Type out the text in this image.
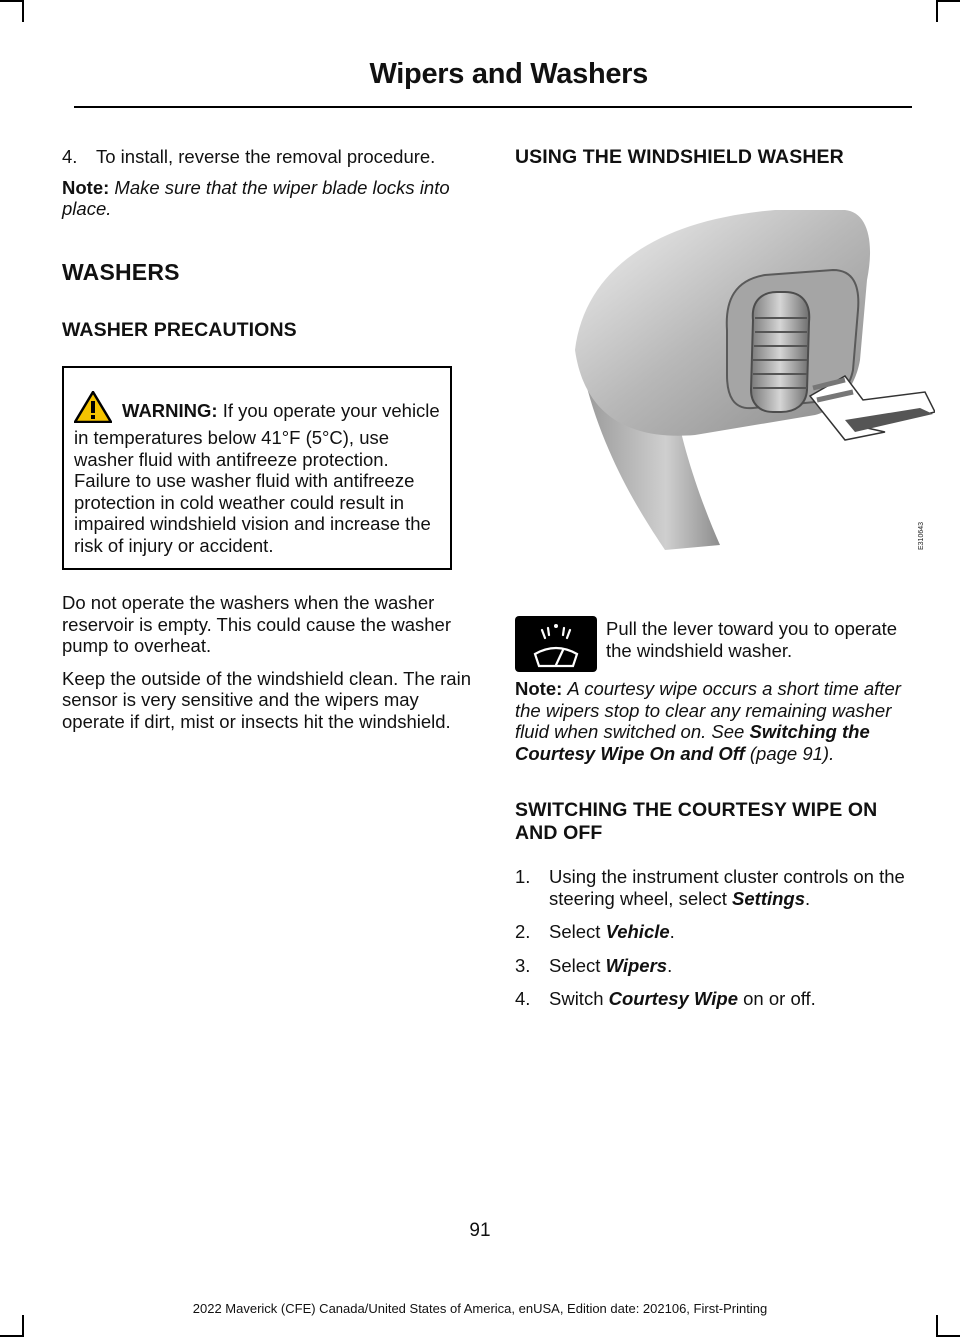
Wipers and Washers

4.	To install, reverse the removal procedure.

Note: Make sure that the wiper blade locks into place.

WASHERS
WASHER PRECAUTIONS

WARNING: If you operate your vehicle in temperatures below 41°F (5°C), use washer fluid with antifreeze protection. Failure to use washer fluid with antifreeze protection in cold weather could result in impaired windshield vision and increase the risk of injury or accident.

Do not operate the washers when the washer reservoir is empty. This could cause the washer pump to overheat.

Keep the outside of the windshield clean. The rain sensor is very sensitive and the wipers may operate if dirt, mist or insects hit the windshield.

USING THE WINDSHIELD WASHER
E310643

Pull the lever toward you to operate the windshield washer.

Note: A courtesy wipe occurs a short time after the wipers stop to clear any remaining washer fluid when switched on. See Switching the Courtesy Wipe On and Off (page 91).

SWITCHING THE COURTESY WIPE ON AND OFF

1.	Using the instrument cluster controls on the steering wheel, select Settings.

2.	Select Vehicle.

3.	Select Wipers.

4.	Switch Courtesy Wipe on or off.

91
2022 Maverick (CFE) Canada/United States of America, enUSA, Edition date: 202106, First-Printing
